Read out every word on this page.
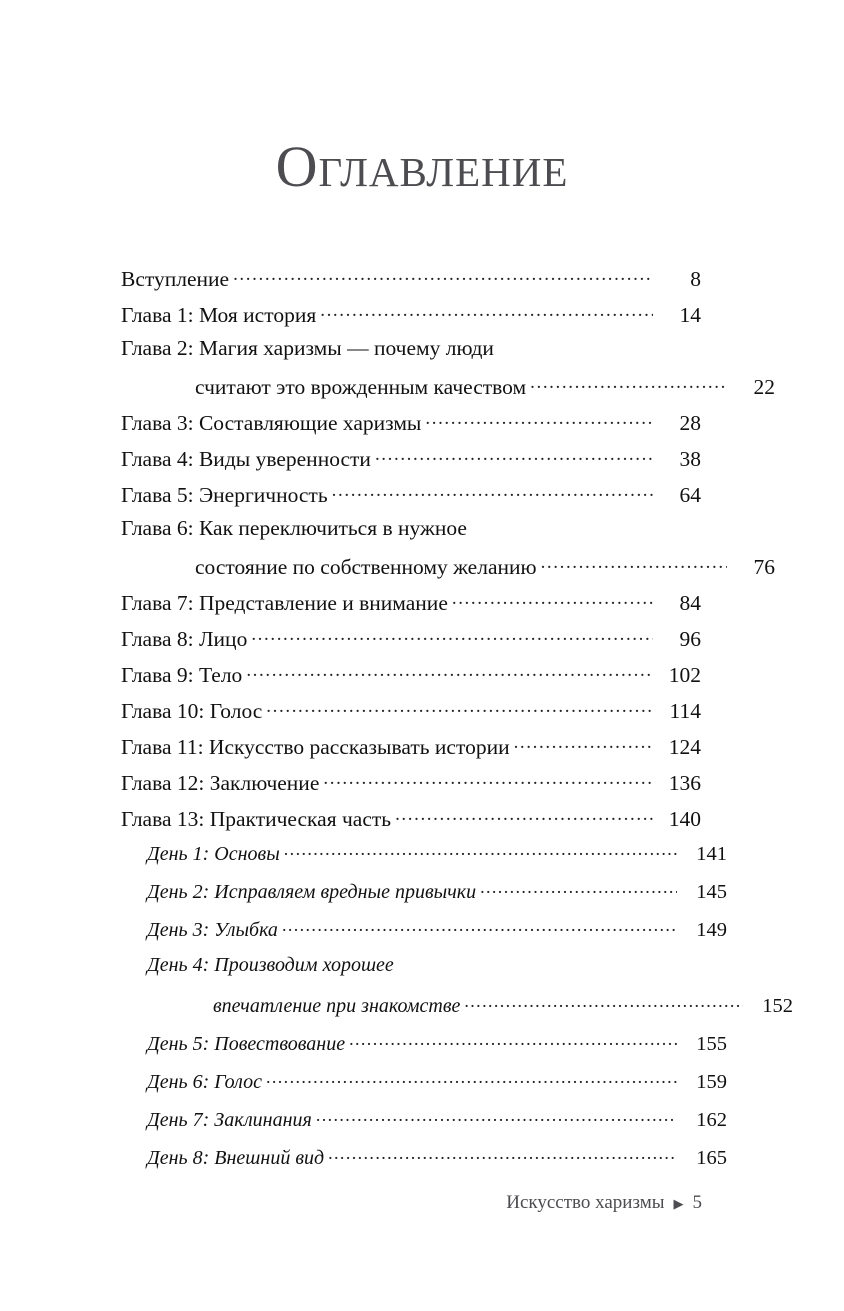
Оглавление
Вступление .....	8
Глава 1: Моя история .....	14
Глава 2: Магия харизмы — почему люди
считают это врожденным качеством .....	22
Глава 3: Составляющие харизмы .....	28
Глава 4: Виды уверенности .....	38
Глава 5: Энергичность .....	64
Глава 6: Как переключиться в нужное
состояние по собственному желанию .....	76
Глава 7: Представление и внимание .....	84
Глава 8: Лицо .....	96
Глава 9: Тело .....	102
Глава 10: Голос .....	114
Глава 11: Искусство рассказывать истории .....	124
Глава 12: Заключение .....	136
Глава 13: Практическая часть .....	140
День 1: Основы .....	141
День 2: Исправляем вредные привычки .....	145
День 3: Улыбка .....	149
День 4: Производим хорошее
впечатление при знакомстве .....	152
День 5: Повествование .....	155
День 6: Голос .....	159
День 7: Заклинания .....	162
День 8: Внешний вид .....	165
Искусство харизмы ▶ 5
